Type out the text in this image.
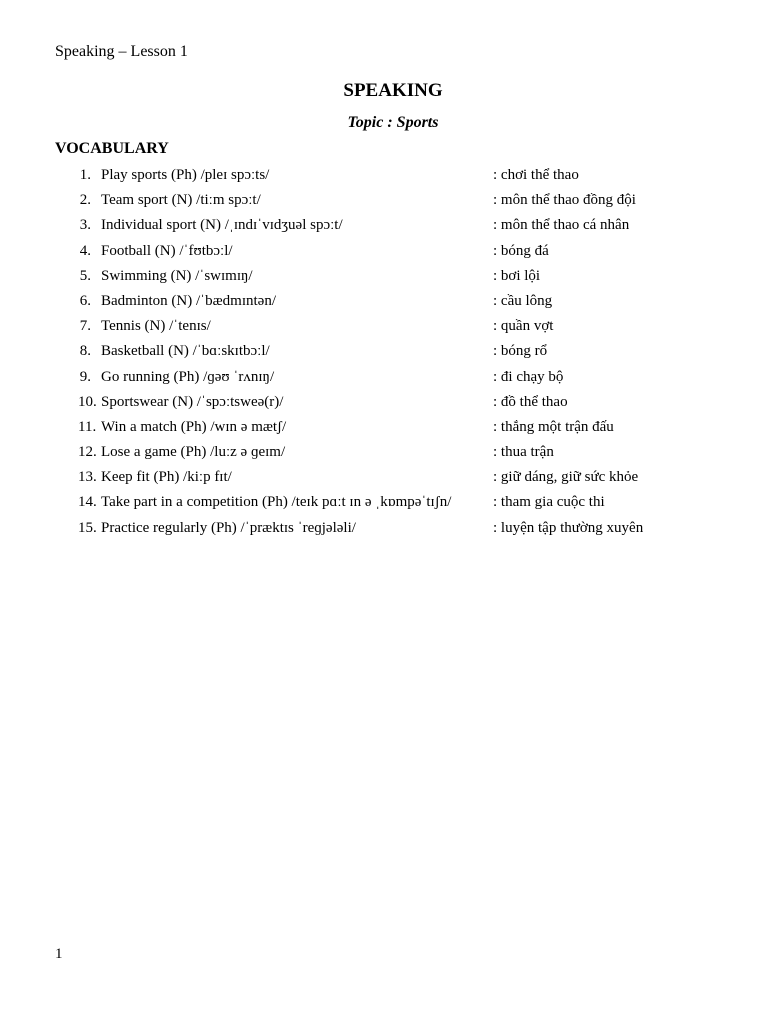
Speaking – Lesson 1
SPEAKING
Topic : Sports
VOCABULARY
1. Play sports (Ph) /pleɪ spɔːts/	: chơi thể thao
2. Team sport (N) /tiːm spɔːt/	: môn thể thao đồng đội
3. Individual sport (N) /ˌɪndɪˈvɪdʒuəl spɔːt/	: môn thể thao cá nhân
4. Football (N) /ˈfʊtbɔːl/	: bóng đá
5. Swimming (N) /ˈswɪmɪŋ/	: bơi lội
6. Badminton (N) /ˈbædmɪntən/	: cầu lông
7. Tennis (N) /ˈtenɪs/	: quần vợt
8. Basketball (N) /ˈbɑːskɪtbɔːl/	: bóng rổ
9. Go running (Ph) /ɡəʊ ˈrʌnɪŋ/	: đi chạy bộ
10. Sportswear (N) /ˈspɔːtsweə(r)/	: đồ thể thao
11. Win a match (Ph) /wɪn ə mætʃ/	: thắng một trận đấu
12. Lose a game (Ph) /luːz ə ɡeɪm/	: thua trận
13. Keep fit (Ph) /kiːp fɪt/	: giữ dáng, giữ sức khỏe
14. Take part in a competition (Ph) /teɪk pɑːt ɪn ə ˌkɒmpəˈtɪʃn/	: tham gia cuộc thi
15. Practice regularly (Ph) /ˈpræktɪs ˈreɡjələli/	: luyện tập thường xuyên
1
